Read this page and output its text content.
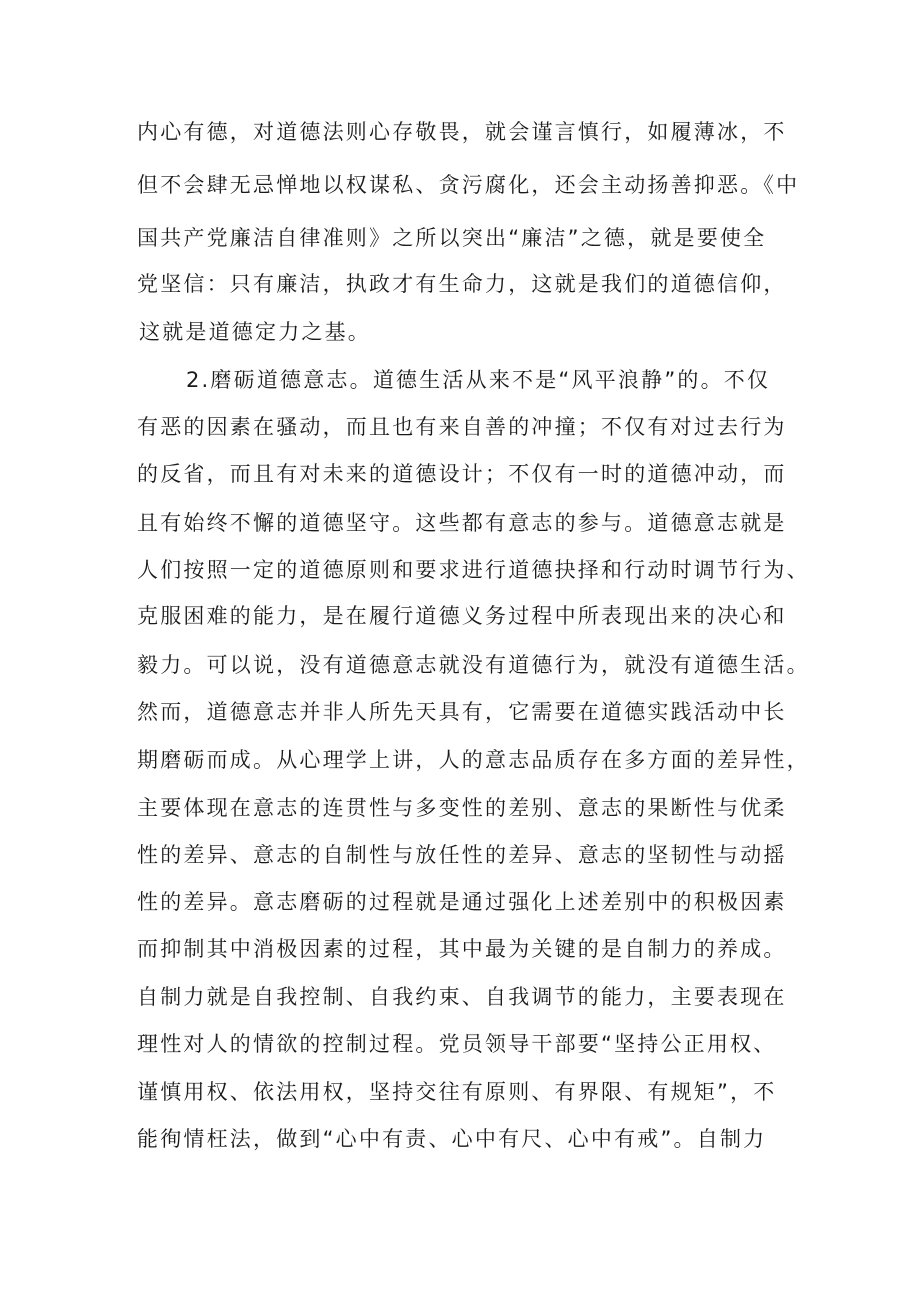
内心有德，对道德法则心存敬畏，就会谨言慎行，如履薄冰，不
但不会肆无忌惮地以权谋私、贪污腐化，还会主动扬善抑恶。《中
国共产党廉洁自律准则》之所以突出“廉洁”之德，就是要使全
党坚信：只有廉洁，执政才有生命力，这就是我们的道德信仰，
这就是道德定力之基。
2.磨砺道德意志。道德生活从来不是“风平浪静”的。不仅
有恶的因素在骚动，而且也有来自善的冲撞；不仅有对过去行为
的反省，而且有对未来的道德设计；不仅有一时的道德冲动，而
且有始终不懈的道德坚守。这些都有意志的参与。道德意志就是
人们按照一定的道德原则和要求进行道德抉择和行动时调节行为、
克服困难的能力，是在履行道德义务过程中所表现出来的决心和
毅力。可以说，没有道德意志就没有道德行为，就没有道德生活。
然而，道德意志并非人所先天具有，它需要在道德实践活动中长
期磨砺而成。从心理学上讲，人的意志品质存在多方面的差异性，
主要体现在意志的连贯性与多变性的差别、意志的果断性与优柔
性的差异、意志的自制性与放任性的差异、意志的坚韧性与动摇
性的差异。意志磨砺的过程就是通过强化上述差别中的积极因素
而抑制其中消极因素的过程，其中最为关键的是自制力的养成。
自制力就是自我控制、自我约束、自我调节的能力，主要表现在
理性对人的情欲的控制过程。党员领导干部要“坚持公正用权、
谨慎用权、依法用权，坚持交往有原则、有界限、有规矩”，不
能徇情枉法，做到“心中有责、心中有尺、心中有戒”。自制力
